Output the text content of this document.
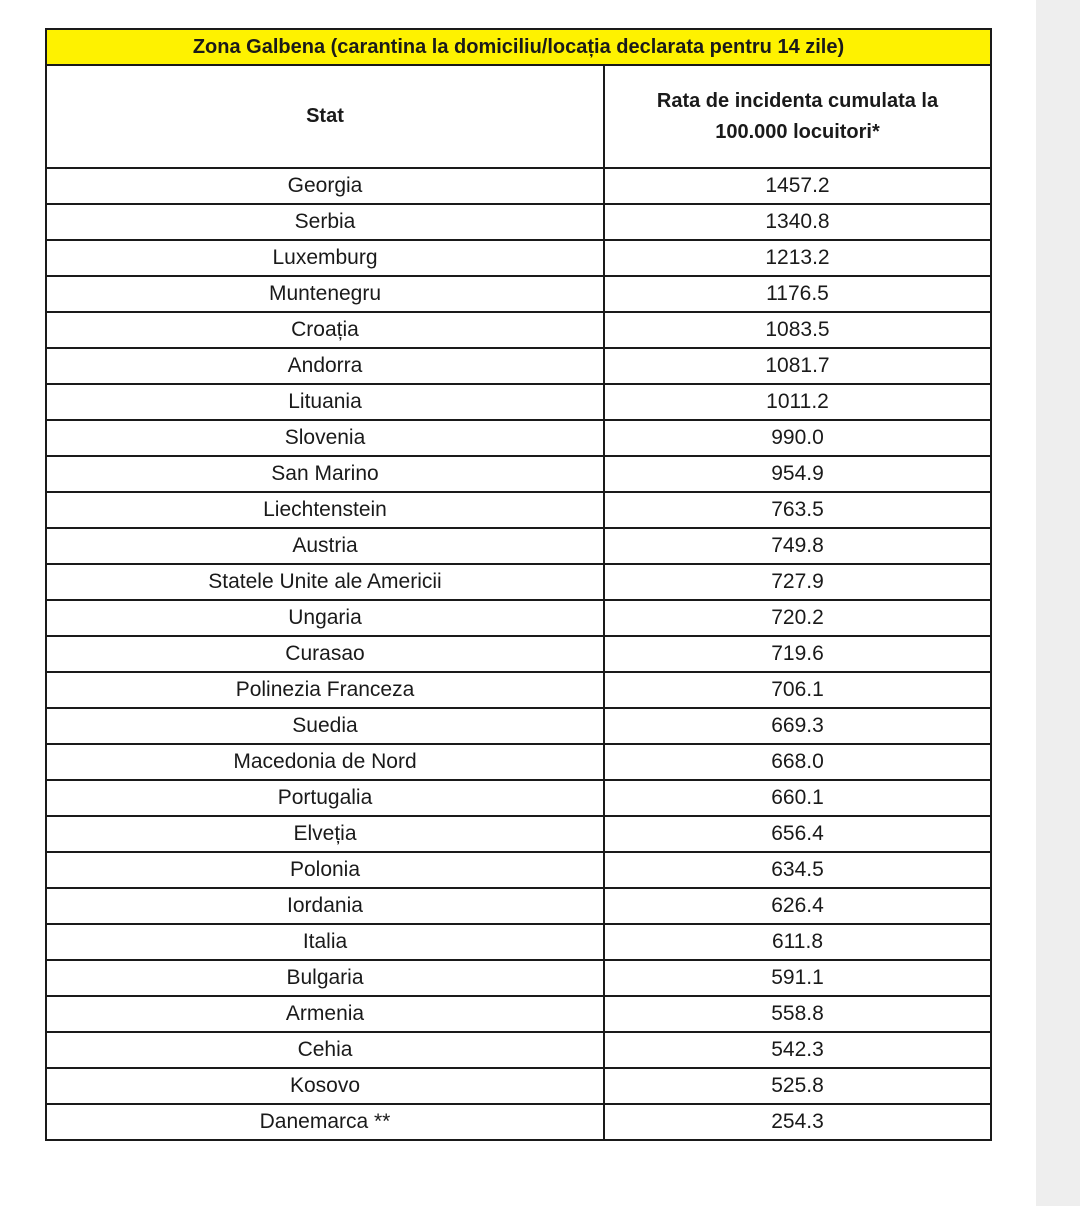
Zona Galbena (carantina la domiciliu/locația declarata pentru 14 zile)	
Stat	Rata de incidenta cumulata la 100.000 locuitori*
Georgia	1457.2
Serbia	1340.8
Luxemburg	1213.2
Muntenegru	1176.5
Croația	1083.5
Andorra	1081.7
Lituania	1011.2
Slovenia	990.0
San Marino	954.9
Liechtenstein	763.5
Austria	749.8
Statele Unite ale Americii	727.9
Ungaria	720.2
Curasao	719.6
Polinezia Franceza	706.1
Suedia	669.3
Macedonia de Nord	668.0
Portugalia	660.1
Elveția	656.4
Polonia	634.5
Iordania	626.4
Italia	611.8
Bulgaria	591.1
Armenia	558.8
Cehia	542.3
Kosovo	525.8
Danemarca **	254.3
